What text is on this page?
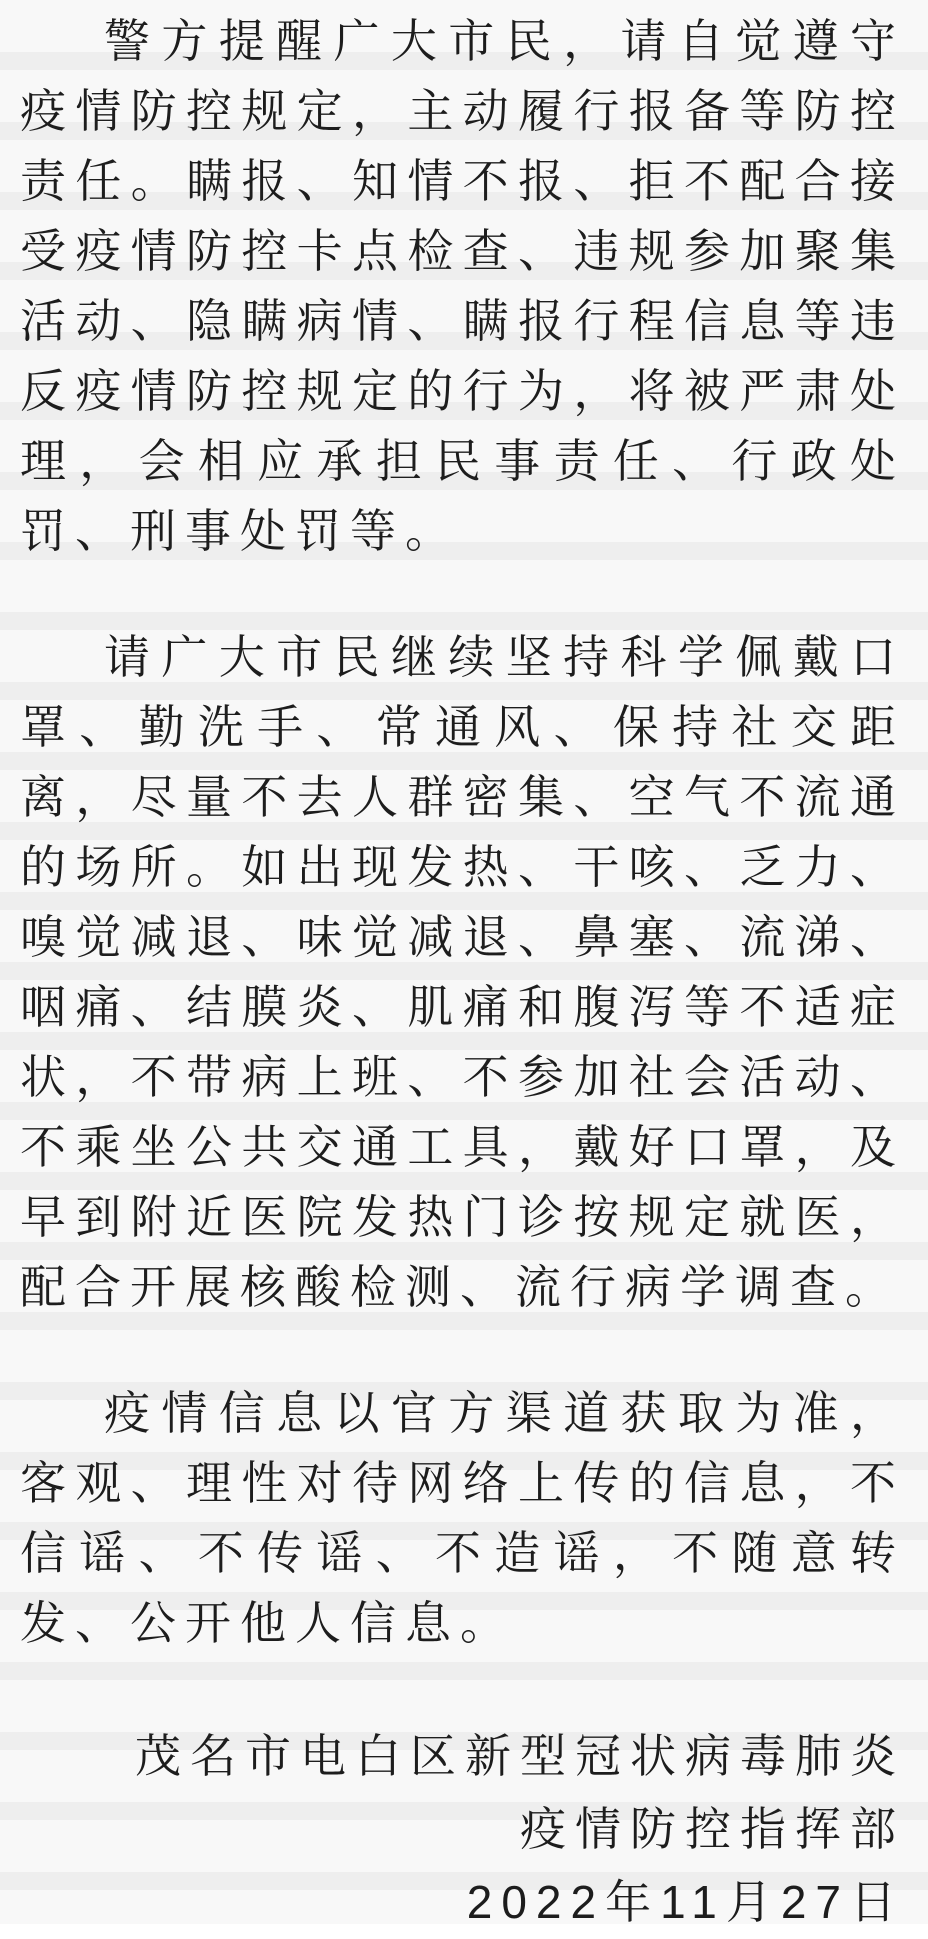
警方提醒广大市民，请自觉遵守疫情防控规定，主动履行报备等防控责任。瞒报、知情不报、拒不配合接受疫情防控卡点检查、违规参加聚集活动、隐瞒病情、瞒报行程信息等违反疫情防控规定的行为，将被严肃处理，会相应承担民事责任、行政处罚、刑事处罚等。

请广大市民继续坚持科学佩戴口罩、勤洗手、常通风、保持社交距离，尽量不去人群密集、空气不流通的场所。如出现发热、干咳、乏力、嗅觉减退、味觉减退、鼻塞、流涕、咽痛、结膜炎、肌痛和腹泻等不适症状，不带病上班、不参加社会活动、不乘坐公共交通工具，戴好口罩，及早到附近医院发热门诊按规定就医，配合开展核酸检测、流行病学调查。

疫情信息以官方渠道获取为准，客观、理性对待网络上传的信息，不信谣、不传谣、不造谣，不随意转发、公开他人信息。

茂名市电白区新型冠状病毒肺炎
疫情防控指挥部
2022年11月27日
